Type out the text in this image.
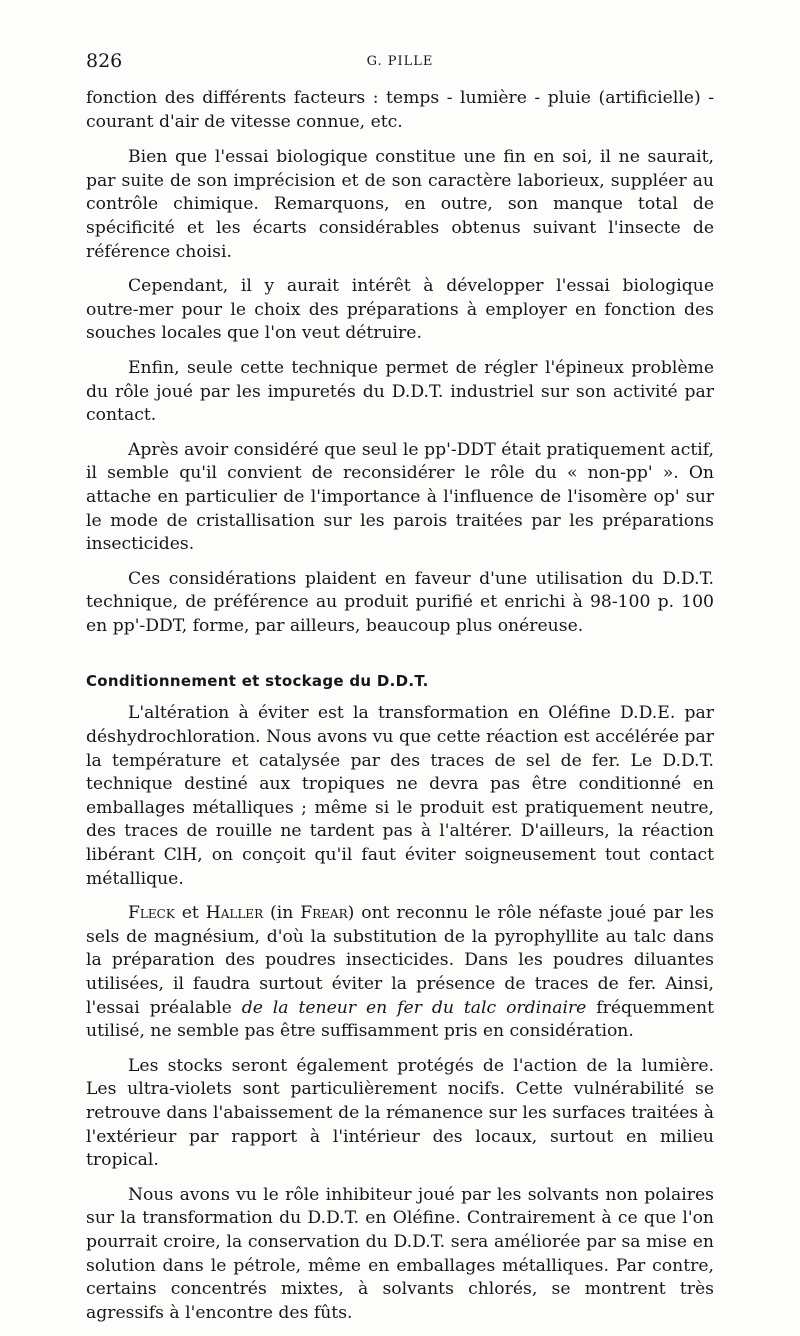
826	G. PILLE

fonction des différents facteurs : temps - lumière - pluie (artificielle) - courant d'air de vitesse connue, etc.

Bien que l'essai biologique constitue une fin en soi, il ne saurait, par suite de son imprécision et de son caractère laborieux, suppléer au contrôle chimique. Remarquons, en outre, son manque total de spécificité et les écarts considérables obtenus suivant l'insecte de référence choisi.

Cependant, il y aurait intérêt à développer l'essai biologique outre-mer pour le choix des préparations à employer en fonction des souches locales que l'on veut détruire.

Enfin, seule cette technique permet de régler l'épineux problème du rôle joué par les impuretés du D.D.T. industriel sur son activité par contact.

Après avoir considéré que seul le pp'-DDT était pratiquement actif, il semble qu'il convient de reconsidérer le rôle du « non-pp' ». On attache en particulier de l'importance à l'influence de l'isomère op' sur le mode de cristallisation sur les parois traitées par les préparations insecticides.

Ces considérations plaident en faveur d'une utilisation du D.D.T. technique, de préférence au produit purifié et enrichi à 98-100 p. 100 en pp'-DDT, forme, par ailleurs, beaucoup plus onéreuse.

Conditionnement et stockage du D.D.T.

L'altération à éviter est la transformation en Oléfine D.D.E. par déshydrochloration. Nous avons vu que cette réaction est accélérée par la température et catalysée par des traces de sel de fer. Le D.D.T. technique destiné aux tropiques ne devra pas être conditionné en emballages métalliques ; même si le produit est pratiquement neutre, des traces de rouille ne tardent pas à l'altérer. D'ailleurs, la réaction libérant ClH, on conçoit qu'il faut éviter soigneusement tout contact métallique.

Fleck et Haller (in Frear) ont reconnu le rôle néfaste joué par les sels de magnésium, d'où la substitution de la pyrophyllite au talc dans la préparation des poudres insecticides. Dans les poudres diluantes utilisées, il faudra surtout éviter la présence de traces de fer. Ainsi, l'essai préalable de la teneur en fer du talc ordinaire fréquemment utilisé, ne semble pas être suffisamment pris en considération.

Les stocks seront également protégés de l'action de la lumière. Les ultra-violets sont particulièrement nocifs. Cette vulnérabilité se retrouve dans l'abaissement de la rémanence sur les surfaces traitées à l'extérieur par rapport à l'intérieur des locaux, surtout en milieu tropical.

Nous avons vu le rôle inhibiteur joué par les solvants non polaires sur la transformation du D.D.T. en Oléfine. Contrairement à ce que l'on pourrait croire, la conservation du D.D.T. sera améliorée par sa mise en solution dans le pétrole, même en emballages métalliques. Par contre, certains concentrés mixtes, à solvants chlorés, se montrent très agressifs à l'encontre des fûts.
